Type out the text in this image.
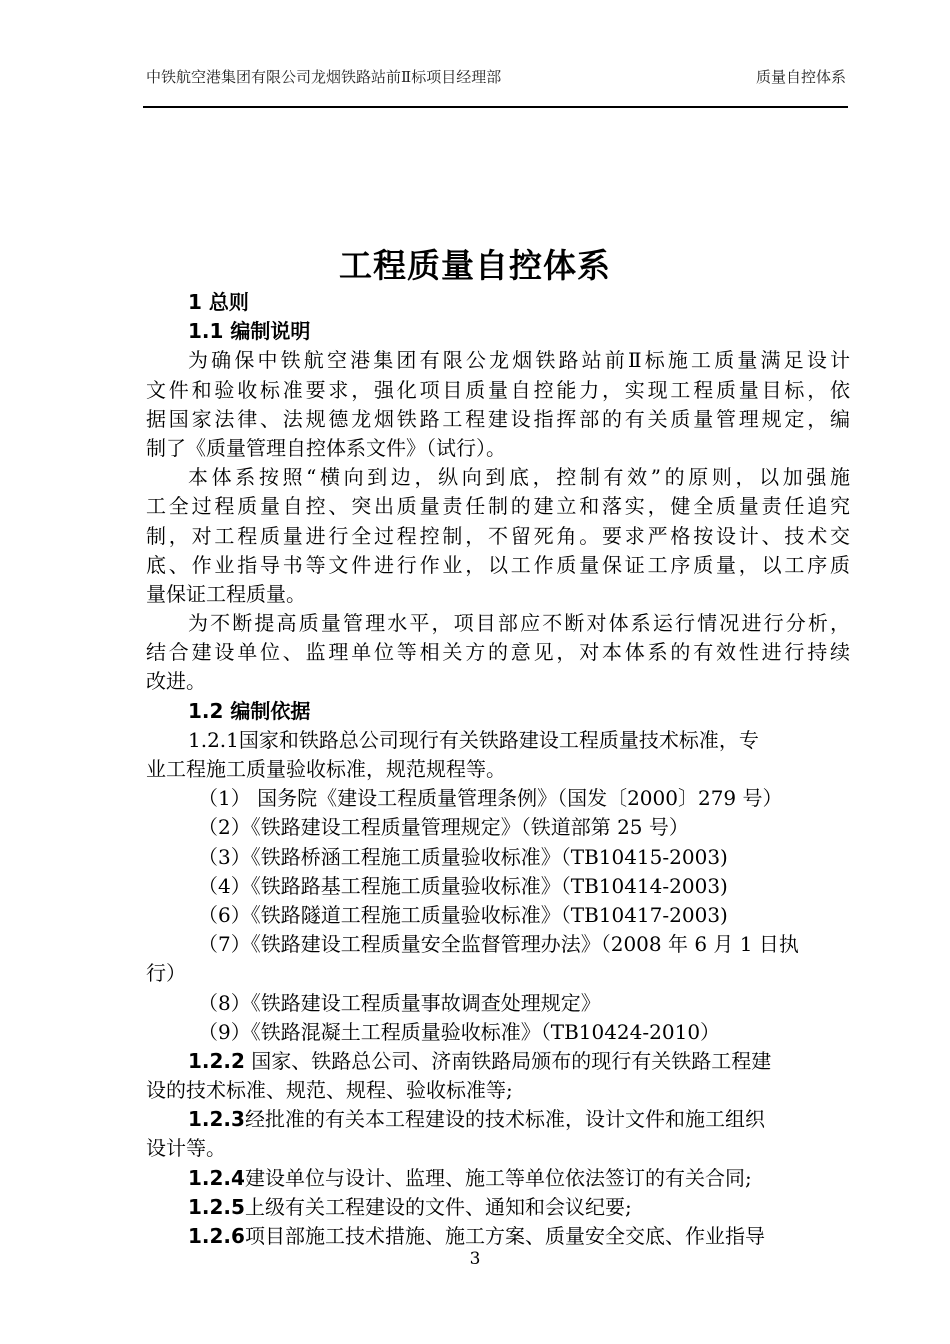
中铁航空港集团有限公司龙烟铁路站前Ⅱ标项目经理部	质量自控体系
工程质量自控体系
1 总则
1.1 编制说明
为确保中铁航空港集团有限公龙烟铁路站前Ⅱ标施工质量满足设计
文件和验收标准要求，强化项目质量自控能力，实现工程质量目标，依
据国家法律、法规德龙烟铁路工程建设指挥部的有关质量管理规定，编
制了《质量管理自控体系文件》（试行）。
本体系按照“横向到边，纵向到底，控制有效”的原则，以加强施
工全过程质量自控、突出质量责任制的建立和落实，健全质量责任追究
制，对工程质量进行全过程控制，不留死角。要求严格按设计、技术交
底、作业指导书等文件进行作业，以工作质量保证工序质量，以工序质
量保证工程质量。
为不断提高质量管理水平，项目部应不断对体系运行情况进行分析，
结合建设单位、监理单位等相关方的意见，对本体系的有效性进行持续
改进。
1.2 编制依据
1.2.1国家和铁路总公司现行有关铁路建设工程质量技术标准，专
业工程施工质量验收标准，规范规程等。
（1） 国务院《建设工程质量管理条例》（国发〔2000〕279 号）
（2）《铁路建设工程质量管理规定》（铁道部第 25 号）
（3）《铁路桥涵工程施工质量验收标准》（TB10415-2003)
（4）《铁路路基工程施工质量验收标准》（TB10414-2003)
（6）《铁路隧道工程施工质量验收标准》（TB10417-2003)
（7）《铁路建设工程质量安全监督管理办法》（2008 年 6 月 1 日执
行）
（8）《铁路建设工程质量事故调查处理规定》
（9）《铁路混凝土工程质量验收标准》（TB10424-2010）
1.2.2 国家、铁路总公司、济南铁路局颁布的现行有关铁路工程建
设的技术标准、规范、规程、验收标准等;
1.2.3经批准的有关本工程建设的技术标准，设计文件和施工组织
设计等。
1.2.4建设单位与设计、监理、施工等单位依法签订的有关合同;
1.2.5上级有关工程建设的文件、通知和会议纪要;
1.2.6项目部施工技术措施、施工方案、质量安全交底、作业指导
3
